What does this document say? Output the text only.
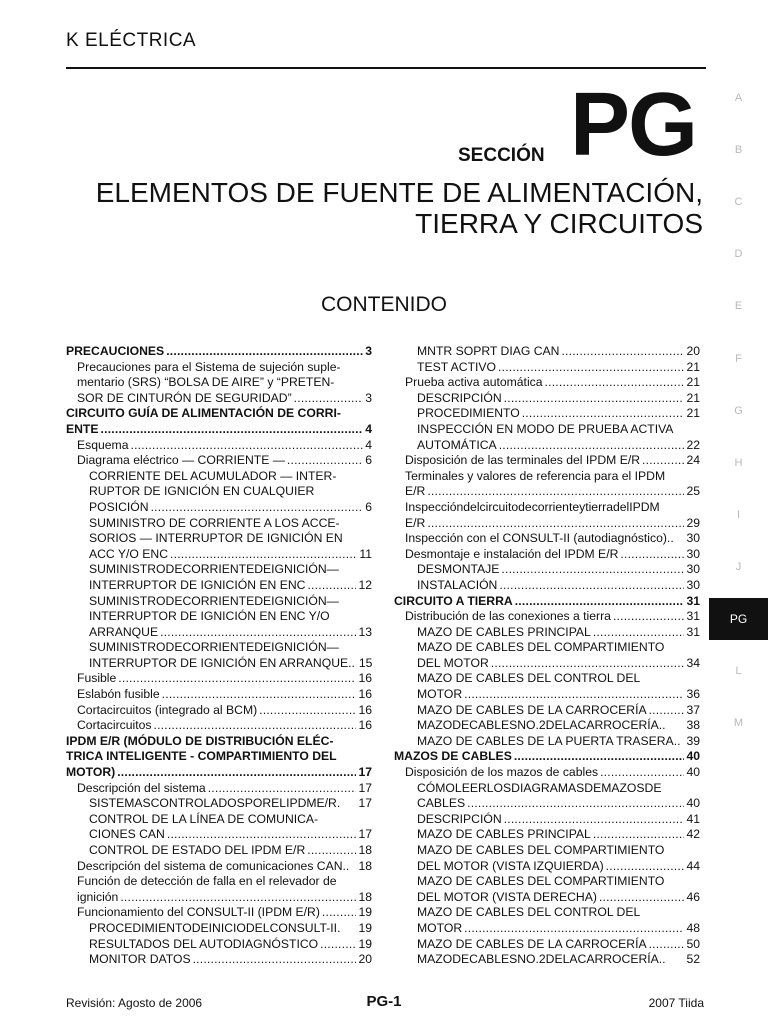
K ELÉCTRICA
SECCIÓN PG
ELEMENTOS DE FUENTE DE ALIMENTACIÓN,
TIERRA Y CIRCUITOS
CONTENIDO
A
B
C
D
E
F
G
H
I
J
PG
L
M
PRECAUCIONES .....	3
Precauciones para el Sistema de sujeción suple-
mentario (SRS) “BOLSA DE AIRE” y “PRETEN-
SOR DE CINTURÓN DE SEGURIDAD” .....	3
CIRCUITO GUÍA DE ALIMENTACIÓN DE CORRI-
ENTE .....	4
Esquema .....	4
Diagrama eléctrico — CORRIENTE — .....	6
CORRIENTE DEL ACUMULADOR — INTER-
RUPTOR DE IGNICIÓN EN CUALQUIER
POSICIÓN .....	6
SUMINISTRO DE CORRIENTE A LOS ACCE-
SORIOS — INTERRUPTOR DE IGNICIÓN EN
ACC Y/O ENC .....	11
SUMINISTRODECORRIENTEDEIGNICIÓN—
INTERRUPTOR DE IGNICIÓN EN ENC .....	12
SUMINISTRODECORRIENTEDEIGNICIÓN—
INTERRUPTOR DE IGNICIÓN EN ENC Y/O
ARRANQUE .....	13
SUMINISTRODECORRIENTEDEIGNICIÓN—
INTERRUPTOR DE IGNICIÓN EN ARRANQUE.. 15
Fusible .....	16
Eslabón fusible .....	16
Cortacircuitos (integrado al BCM) .....	16
Cortacircuitos .....	16
IPDM E/R (MÓDULO DE DISTRIBUCIÓN ELÉC-
TRICA INTELIGENTE - COMPARTIMIENTO DEL
MOTOR) .....	17
Descripción del sistema .....	17
SISTEMASCONTROLADOSPORELIPDME/R. 17
CONTROL DE LA LÍNEA DE COMUNICA-
CIONES CAN .....	17
CONTROL DE ESTADO DEL IPDM E/R .....	18
Descripción del sistema de comunicaciones CAN.. 18
Función de detección de falla en el relevador de
ignición .....	18
Funcionamiento del CONSULT-II (IPDM E/R) .....	19
PROCEDIMIENTODEINICIODELCONSULT-II. 19
RESULTADOS DEL AUTODIAGNÓSTICO .....	19
MONITOR DATOS .....	20
MNTR SOPRT DIAG CAN .....	20
TEST ACTIVO .....	21
Prueba activa automática .....	21
DESCRIPCIÓN .....	21
PROCEDIMIENTO .....	21
INSPECCIÓN EN MODO DE PRUEBA ACTIVA
AUTOMÁTICA .....	22
Disposición de las terminales del IPDM E/R .....	24
Terminales y valores de referencia para el IPDM
E/R .....	25
InspeccióndelcircuitodecorrienteytierradelIPDM
E/R .....	29
Inspección con el CONSULT-II (autodiagnóstico).. 30
Desmontaje e instalación del IPDM E/R .....	30
DESMONTAJE .....	30
INSTALACIÓN .....	30
CIRCUITO A TIERRA .....	31
Distribución de las conexiones a tierra .....	31
MAZO DE CABLES PRINCIPAL .....	31
MAZO DE CABLES DEL COMPARTIMIENTO
DEL MOTOR .....	34
MAZO DE CABLES DEL CONTROL DEL
MOTOR .....	36
MAZO DE CABLES DE LA CARROCERÍA .....	37
MAZODECABLESNO.2DELACARROCERÍA.. 38
MAZO DE CABLES DE LA PUERTA TRASERA.. 39
MAZOS DE CABLES .....	40
Disposición de los mazos de cables .....	40
CÓMOLEERLOSDIAGRAMASDEMAZOSDE
CABLES .....	40
DESCRIPCIÓN .....	41
MAZO DE CABLES PRINCIPAL .....	42
MAZO DE CABLES DEL COMPARTIMIENTO
DEL MOTOR (VISTA IZQUIERDA) .....	44
MAZO DE CABLES DEL COMPARTIMIENTO
DEL MOTOR (VISTA DERECHA) .....	46
MAZO DE CABLES DEL CONTROL DEL
MOTOR .....	48
MAZO DE CABLES DE LA CARROCERÍA .....	50
MAZODECABLESNO.2DELACARROCERÍA.. 52
Revisión: Agosto de 2006	PG-1	2007 Tiida
